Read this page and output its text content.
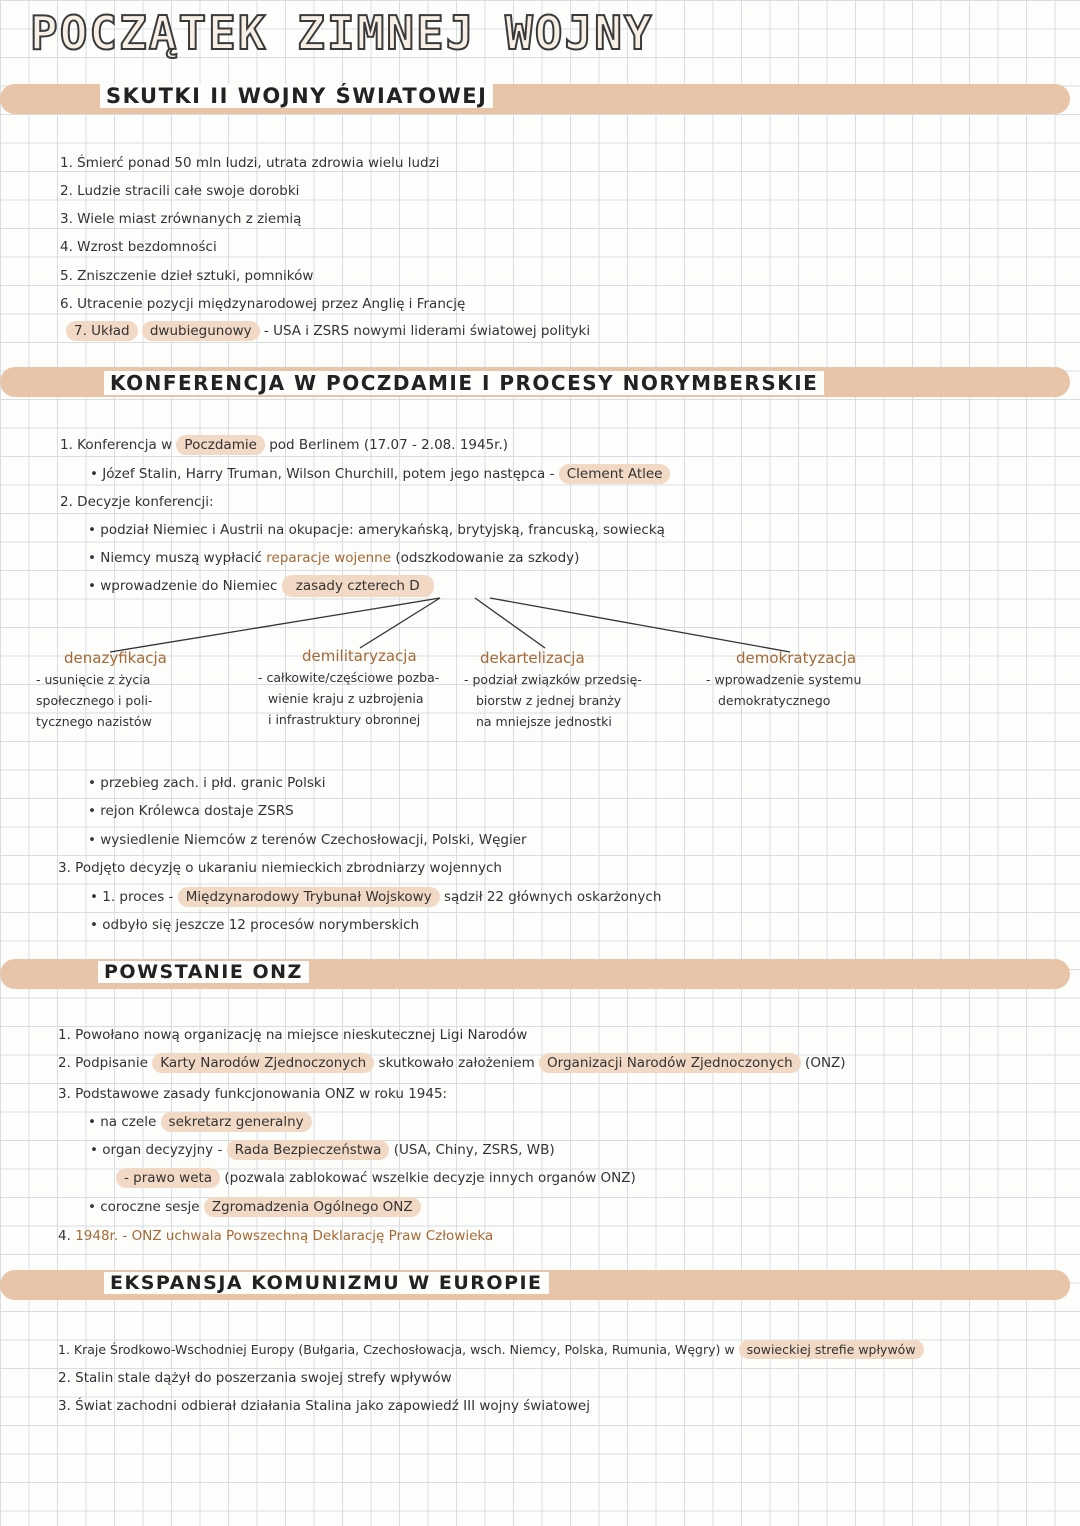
POCZĄTEK ZIMNEJ WOJNY
SKUTKI II WOJNY ŚWIATOWEJ
1. Śmierć ponad 50 mln ludzi, utrata zdrowia wielu ludzi
2. Ludzie stracili całe swoje dorobki
3. Wiele miast zrównanych z ziemią
4. Wzrost bezdomności
5. Zniszczenie dzieł sztuki, pomników
6. Utracenie pozycji międzynarodowej przez Anglię i Francję
7. Układ dwubiegunowy - USA i ZSRS nowymi liderami światowej polityki
KONFERENCJA W POCZDAMIE I PROCESY NORYMBERSKIE
1. Konferencja w Poczdamie pod Berlinem (17.07 - 2.08. 1945r.)
• Józef Stalin, Harry Truman, Wilson Churchill, potem jego następca - Clement Atlee
2. Decyzje konferencji:
• podział Niemiec i Austrii na okupacje: amerykańską, brytyjską, francuską, sowiecką
• Niemcy muszą wypłacić reparacje wojenne (odszkodowanie za szkody)
• wprowadzenie do Niemiec zasady czterech D
denazyfikacja
- usunięcie z życia
społecznego i poli-
tycznego nazistów
demilitaryzacja
- całkowite/częściowe pozba-
wienie kraju z uzbrojenia
i infrastruktury obronnej
dekartelizacja
- podział związków przedsię-
biorstw z jednej branży
na mniejsze jednostki
demokratyzacja
- wprowadzenie systemu
demokratycznego
• przebieg zach. i płd. granic Polski
• rejon Królewca dostaje ZSRS
• wysiedlenie Niemców z terenów Czechosłowacji, Polski, Węgier
3. Podjęto decyzję o ukaraniu niemieckich zbrodniarzy wojennych
• 1. proces - Międzynarodowy Trybunał Wojskowy sądził 22 głównych oskarżonych
• odbyło się jeszcze 12 procesów norymberskich
POWSTANIE ONZ
1. Powołano nową organizację na miejsce nieskutecznej Ligi Narodów
2. Podpisanie Karty Narodów Zjednoczonych skutkowało założeniem Organizacji Narodów Zjednoczonych (ONZ)
3. Podstawowe zasady funkcjonowania ONZ w roku 1945:
• na czele sekretarz generalny
• organ decyzyjny - Rada Bezpieczeństwa (USA, Chiny, ZSRS, WB)
- prawo weta (pozwala zablokować wszelkie decyzje innych organów ONZ)
• coroczne sesje Zgromadzenia Ogólnego ONZ
4. 1948r. - ONZ uchwala Powszechną Deklarację Praw Człowieka
EKSPANSJA KOMUNIZMU W EUROPIE
1. Kraje Środkowo-Wschodniej Europy (Bułgaria, Czechosłowacja, wsch. Niemcy, Polska, Rumunia, Węgry) w sowieckiej strefie wpływów
2. Stalin stale dążył do poszerzania swojej strefy wpływów
3. Świat zachodni odbierał działania Stalina jako zapowiedź III wojny światowej
